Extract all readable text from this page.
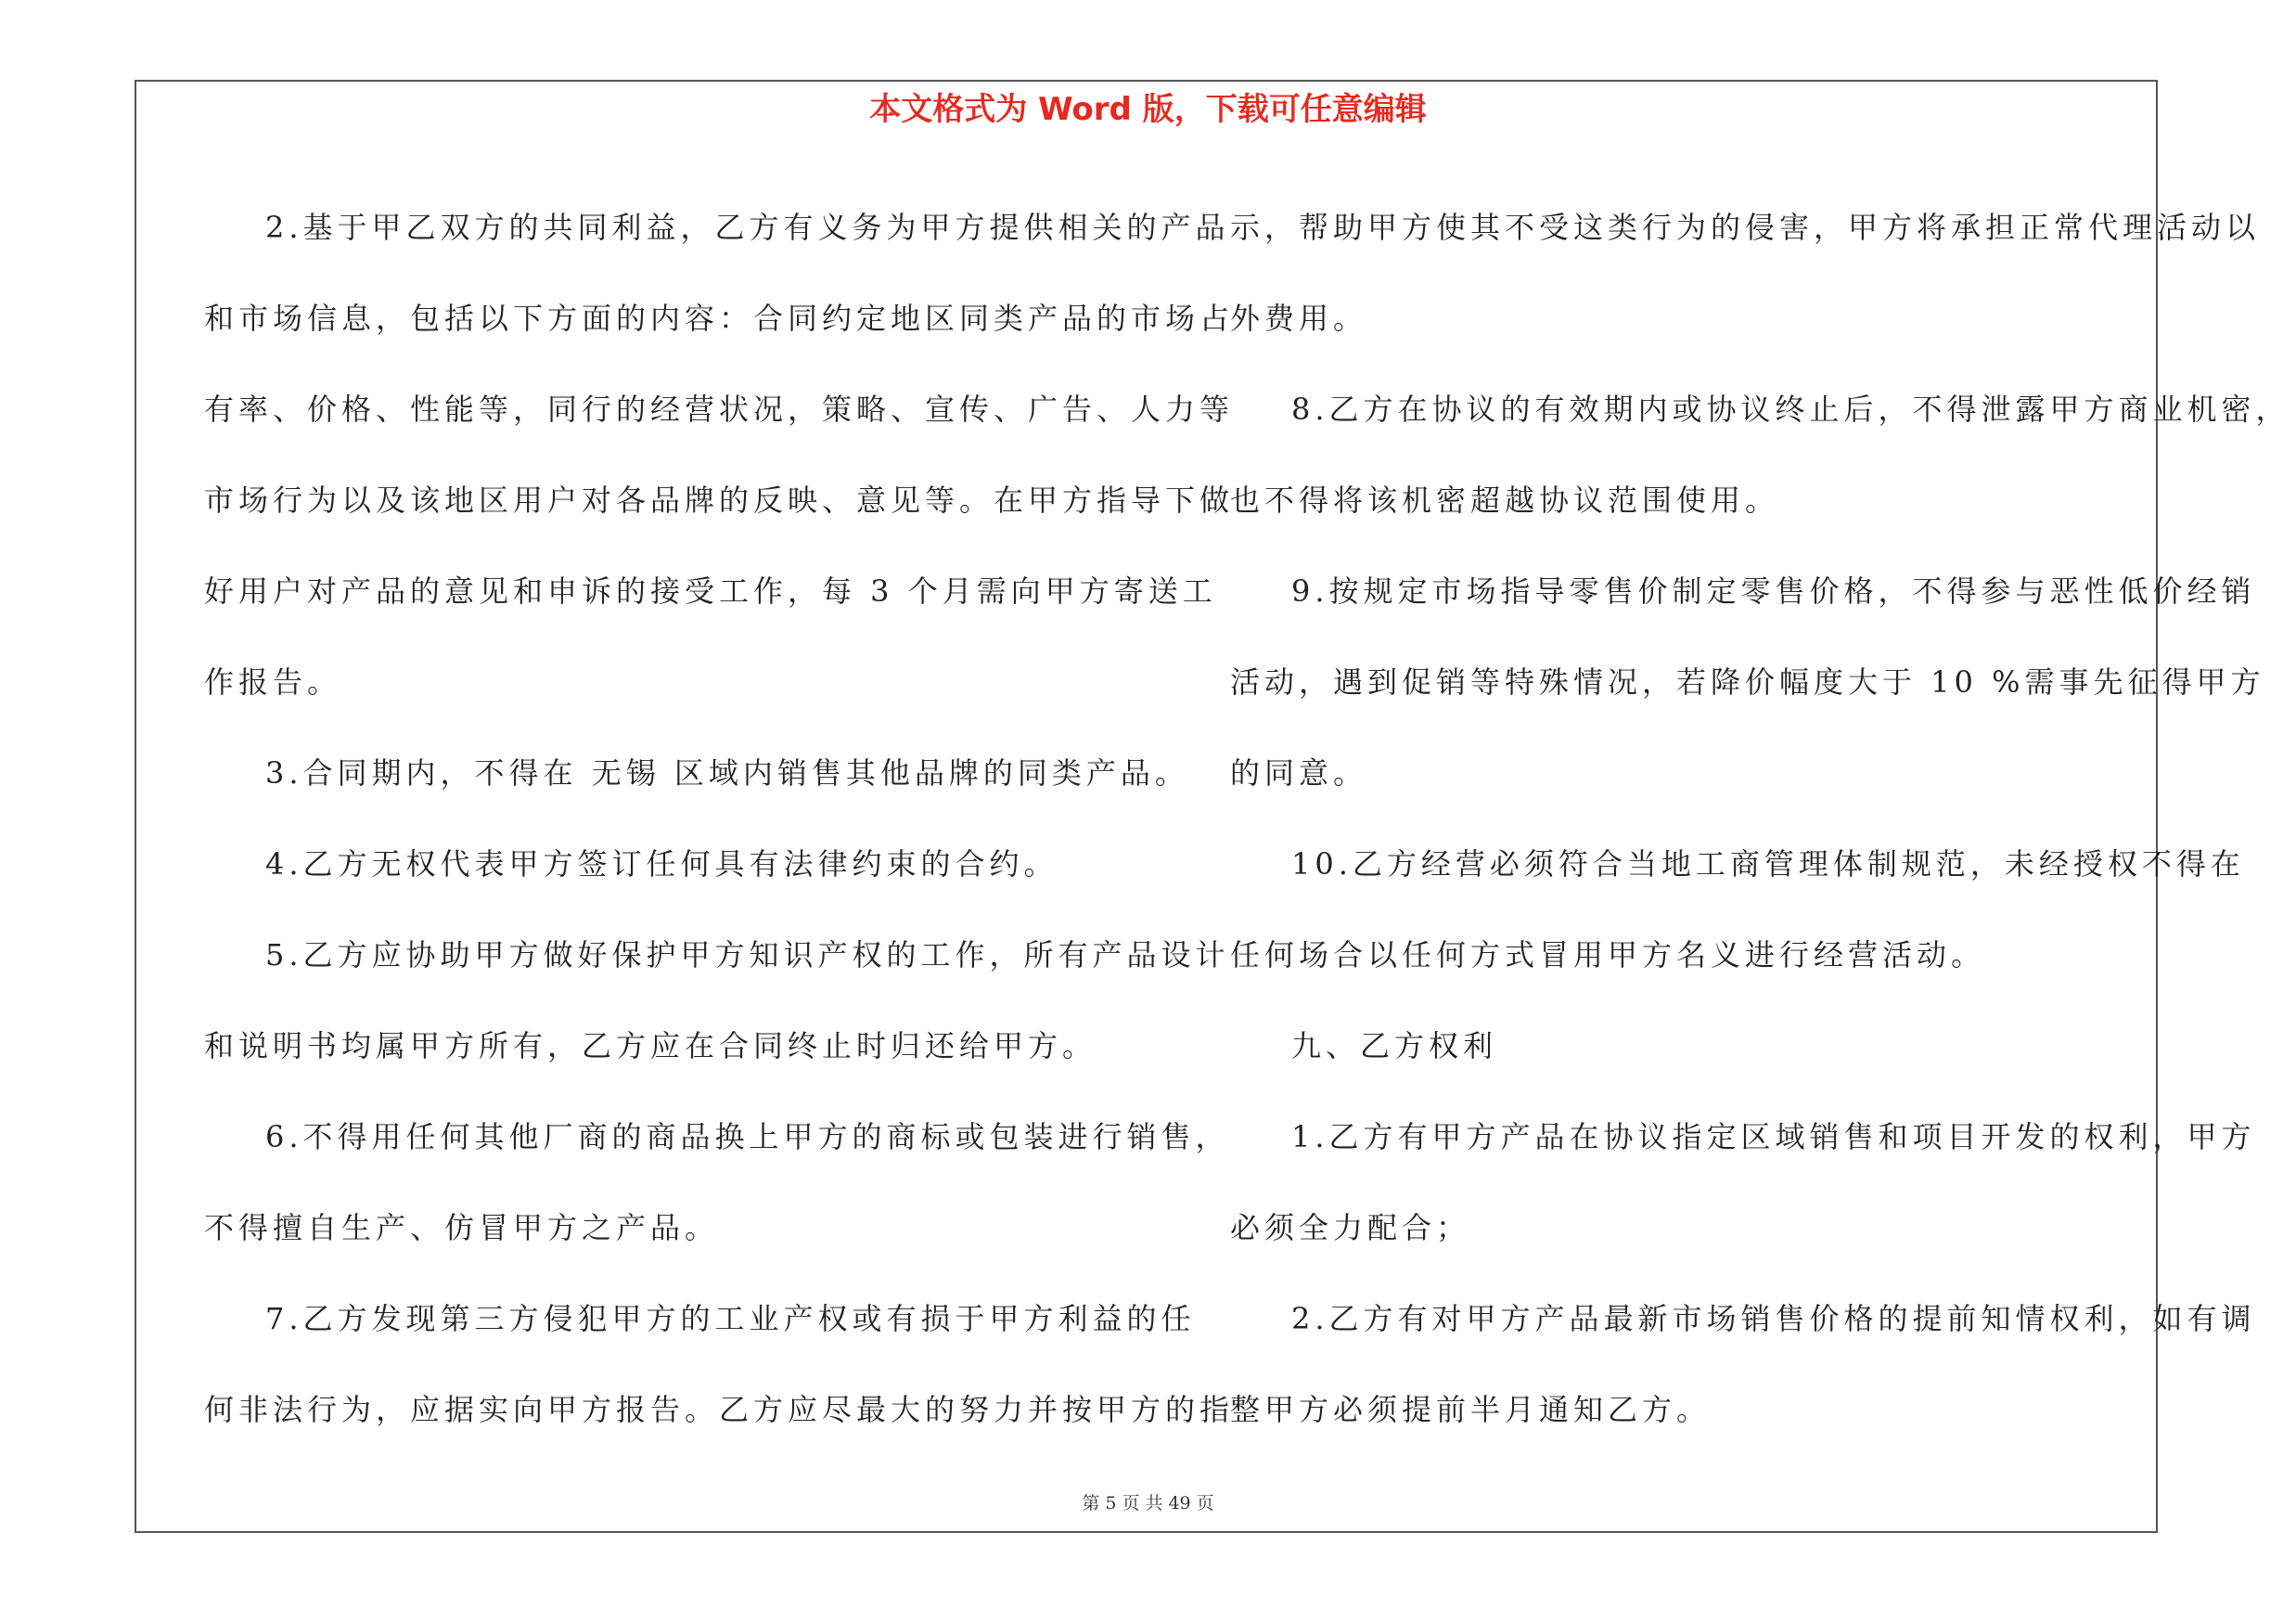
本文格式为 Word 版，下载可任意编辑

2.基于甲乙双方的共同利益，乙方有义务为甲方提供相关的产品

和市场信息，包括以下方面的内容：合同约定地区同类产品的市场占

有率、价格、性能等，同行的经营状况，策略、宣传、广告、人力等

市场行为以及该地区用户对各品牌的反映、意见等。在甲方指导下做

好用户对产品的意见和申诉的接受工作，每 3 个月需向甲方寄送工

作报告。

3.合同期内，不得在 无锡 区域内销售其他品牌的同类产品。

4.乙方无权代表甲方签订任何具有法律约束的合约。

5.乙方应协助甲方做好保护甲方知识产权的工作，所有产品设计

和说明书均属甲方所有，乙方应在合同终止时归还给甲方。

6.不得用任何其他厂商的商品换上甲方的商标或包装进行销售，

不得擅自生产、仿冒甲方之产品。

7.乙方发现第三方侵犯甲方的工业产权或有损于甲方利益的任

何非法行为，应据实向甲方报告。乙方应尽最大的努力并按甲方的指

示，帮助甲方使其不受这类行为的侵害，甲方将承担正常代理活动以

外费用。

8.乙方在协议的有效期内或协议终止后，不得泄露甲方商业机密，

也不得将该机密超越协议范围使用。

9.按规定市场指导零售价制定零售价格，不得参与恶性低价经销

活动，遇到促销等特殊情况，若降价幅度大于 10 %需事先征得甲方

的同意。

10.乙方经营必须符合当地工商管理体制规范，未经授权不得在

任何场合以任何方式冒用甲方名义进行经营活动。

九、乙方权利

1.乙方有甲方产品在协议指定区域销售和项目开发的权利，甲方

必须全力配合；

2.乙方有对甲方产品最新市场销售价格的提前知情权利，如有调

整甲方必须提前半月通知乙方。

第 5 页 共 49 页
